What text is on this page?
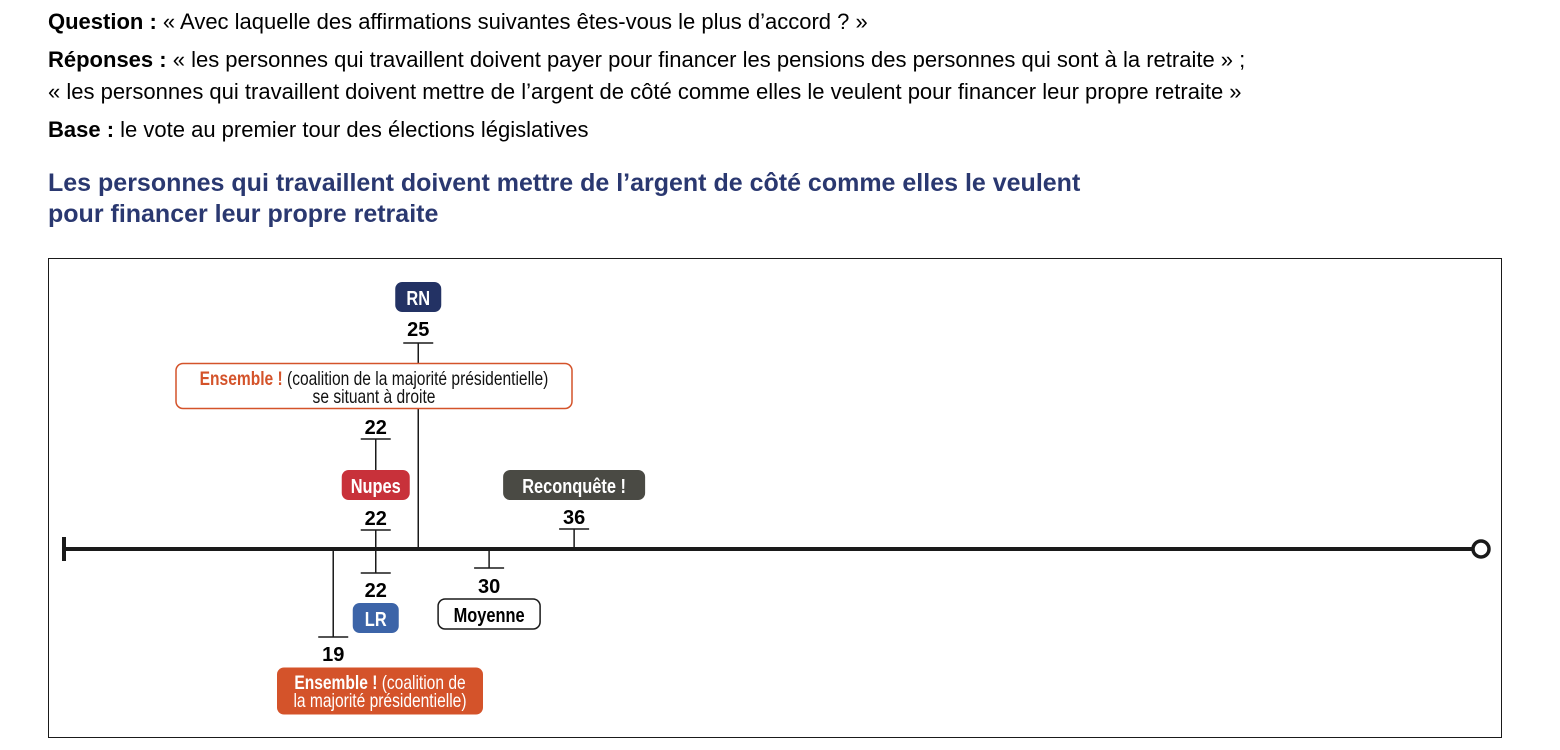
Question : « Avec laquelle des affirmations suivantes êtes-vous le plus d’accord ? »
Réponses : « les personnes qui travaillent doivent payer pour financer les pensions des personnes qui sont à la retraite » ;
« les personnes qui travaillent doivent mettre de l’argent de côté comme elles le veulent pour financer leur propre retraite »
Base : le vote au premier tour des élections législatives
Les personnes qui travaillent doivent mettre de l’argent de côté comme elles le veulent
pour financer leur propre retraite
25
RN
Ensemble ! (coalition de la majorité présidentielle)
se situant à droite
22
Nupes
22
22
LR
30
Moyenne
Reconquête !
36
19
Ensemble ! (coalition de
la majorité présidentielle)
